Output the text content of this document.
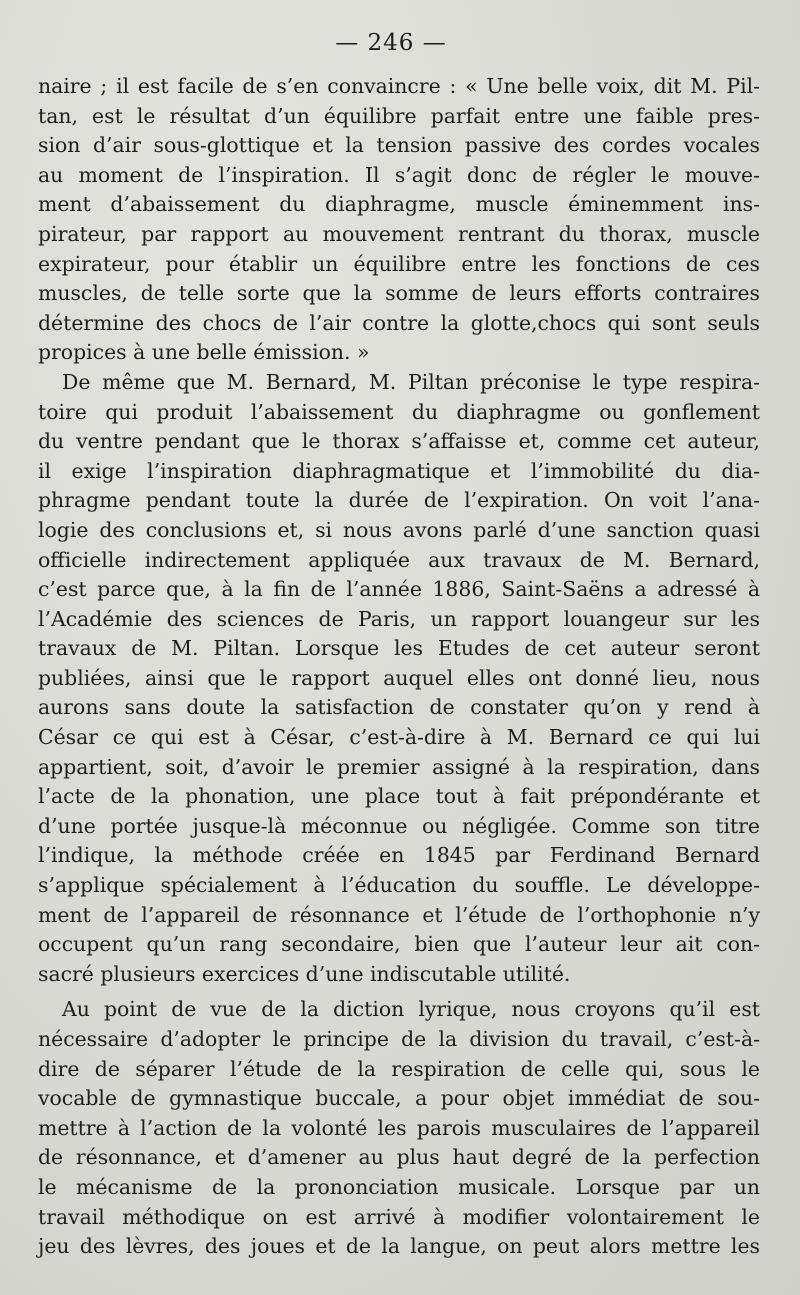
— 246 —
naire ; il est facile de s’en convaincre : « Une belle voix, dit M. Pil-
tan, est le résultat d’un équilibre parfait entre une faible pres-
sion d’air sous-glottique et la tension passive des cordes vocales
au moment de l’inspiration. Il s’agit donc de régler le mouve-
ment d’abaissement du diaphragme, muscle éminemment ins-
pirateur, par rapport au mouvement rentrant du thorax, muscle
expirateur, pour établir un équilibre entre les fonctions de ces
muscles, de telle sorte que la somme de leurs efforts contraires
détermine des chocs de l’air contre la glotte,chocs qui sont seuls
propices à une belle émission. »
De même que M. Bernard, M. Piltan préconise le type respira-
toire qui produit l’abaissement du diaphragme ou gonflement
du ventre pendant que le thorax s’affaisse et, comme cet auteur,
il exige l’inspiration diaphragmatique et l’immobilité du dia-
phragme pendant toute la durée de l’expiration. On voit l’ana-
logie des conclusions et, si nous avons parlé d’une sanction quasi
officielle indirectement appliquée aux travaux de M. Bernard,
c’est parce que, à la fin de l’année 1886, Saint-Saëns a adressé à
l’Académie des sciences de Paris, un rapport louangeur sur les
travaux de M. Piltan. Lorsque les Etudes de cet auteur seront
publiées, ainsi que le rapport auquel elles ont donné lieu, nous
aurons sans doute la satisfaction de constater qu’on y rend à
César ce qui est à César, c’est-à-dire à M. Bernard ce qui lui
appartient, soit, d’avoir le premier assigné à la respiration, dans
l’acte de la phonation, une place tout à fait prépondérante et
d’une portée jusque-là méconnue ou négligée. Comme son titre
l’indique, la méthode créée en 1845 par Ferdinand Bernard
s’applique spécialement à l’éducation du souffle. Le développe-
ment de l’appareil de résonnance et l’étude de l’orthophonie n’y
occupent qu’un rang secondaire, bien que l’auteur leur ait con-
sacré plusieurs exercices d’une indiscutable utilité.
Au point de vue de la diction lyrique, nous croyons qu’il est
nécessaire d’adopter le principe de la division du travail, c’est-à-
dire de séparer l’étude de la respiration de celle qui, sous le
vocable de gymnastique buccale, a pour objet immédiat de sou-
mettre à l’action de la volonté les parois musculaires de l’appareil
de résonnance, et d’amener au plus haut degré de la perfection
le mécanisme de la prononciation musicale. Lorsque par un
travail méthodique on est arrivé à modifier volontairement le
jeu des lèvres, des joues et de la langue, on peut alors mettre les
